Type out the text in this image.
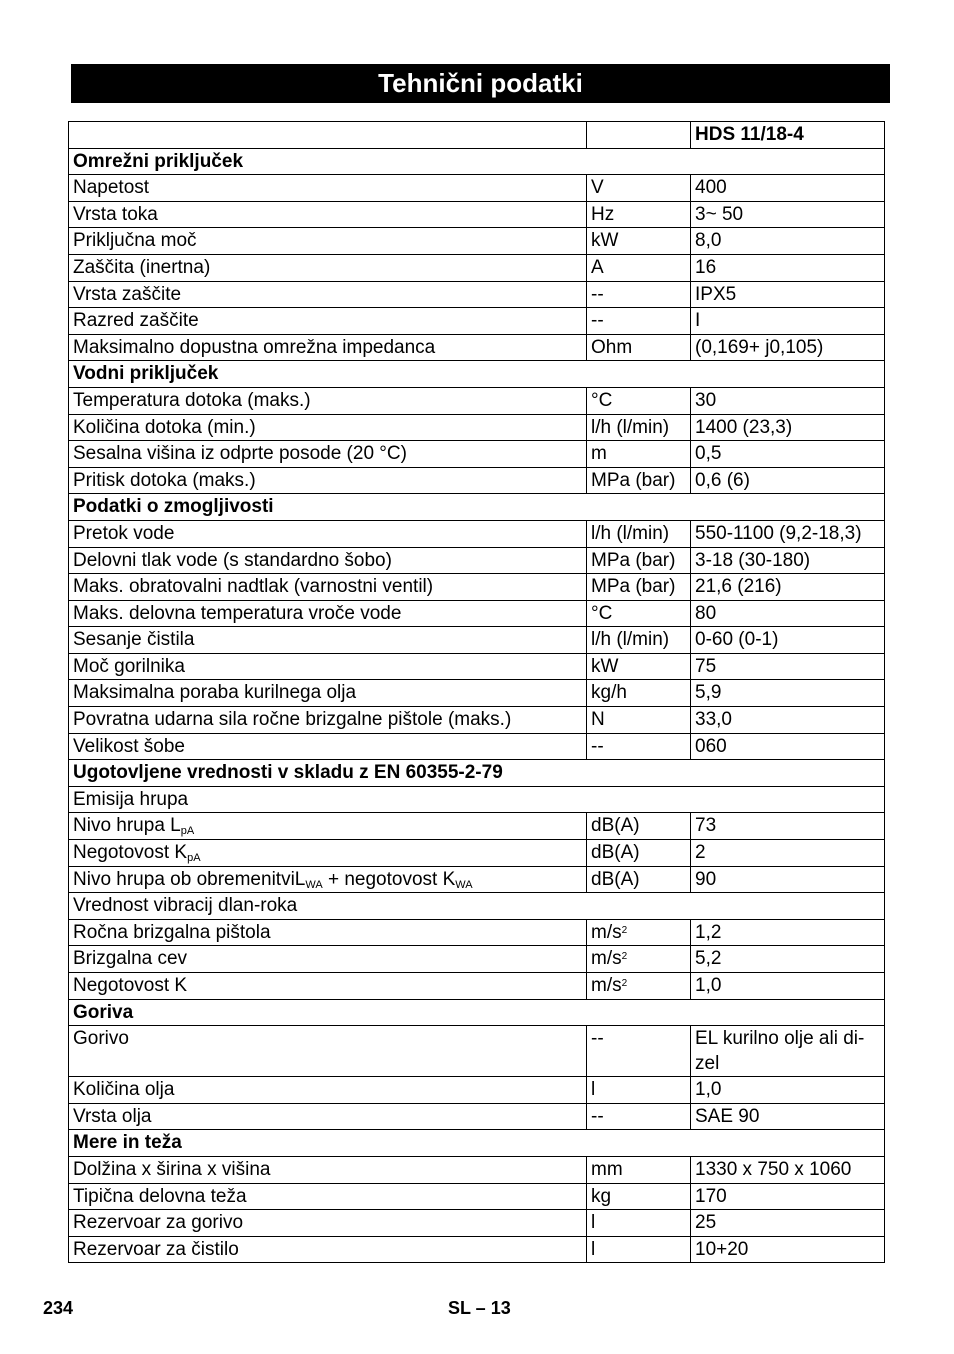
Tehnični podatki
		HDS 11/18-4
Omrežni priključek		
Napetost	V	400
Vrsta toka	Hz	3~ 50
Priključna moč	kW	8,0
Zaščita (inertna)	A	16
Vrsta zaščite	--	IPX5
Razred zaščite	--	I
Maksimalno dopustna omrežna impedanca	Ohm	(0,169+ j0,105)
Vodni priključek		
Temperatura dotoka (maks.)	°C	30
Količina dotoka (min.)	l/h (l/min)	1400 (23,3)
Sesalna višina iz odprte posode (20 °C)	m	0,5
Pritisk dotoka (maks.)	MPa (bar)	0,6 (6)
Podatki o zmogljivosti		
Pretok vode	l/h (l/min)	550-1100 (9,2-18,3)
Delovni tlak vode (s standardno šobo)	MPa (bar)	3-18 (30-180)
Maks. obratovalni nadtlak (varnostni ventil)	MPa (bar)	21,6 (216)
Maks. delovna temperatura vroče vode	°C	80
Sesanje čistila	l/h (l/min)	0-60 (0-1)
Moč gorilnika	kW	75
Maksimalna poraba kurilnega olja	kg/h	5,9
Povratna udarna sila ročne brizgalne pištole (maks.)	N	33,0
Velikost šobe	--	060
Ugotovljene vrednosti v skladu z EN 60355-2-79		
Emisija hrupa		
Nivo hrupa $L_{pA}$	dB(A)	73
Negotovost $K_{pA}$	dB(A)	2
Nivo hrupa ob obremenitviL$_{WA}$ + negotovost $K_{WA}$	dB(A)	90
Vrednost vibracij dlan-roka		
Ročna brizgalna pištola	$m/s^2$	1,2
Brizgalna cev	$m/s^2$	5,2
Negotovost K	$m/s^2$	1,0
Goriva		
Gorivo	--	EL kurilno olje ali di-zel
Količina olja	l	1,0
Vrsta olja	--	SAE 90
Mere in teža		
Dolžina x širina x višina	mm	1330 x 750 x 1060
Tipična delovna teža	kg	170
Rezervoar za gorivo	l	25
Rezervoar za čistilo	l	10+20
234	SL – 13
